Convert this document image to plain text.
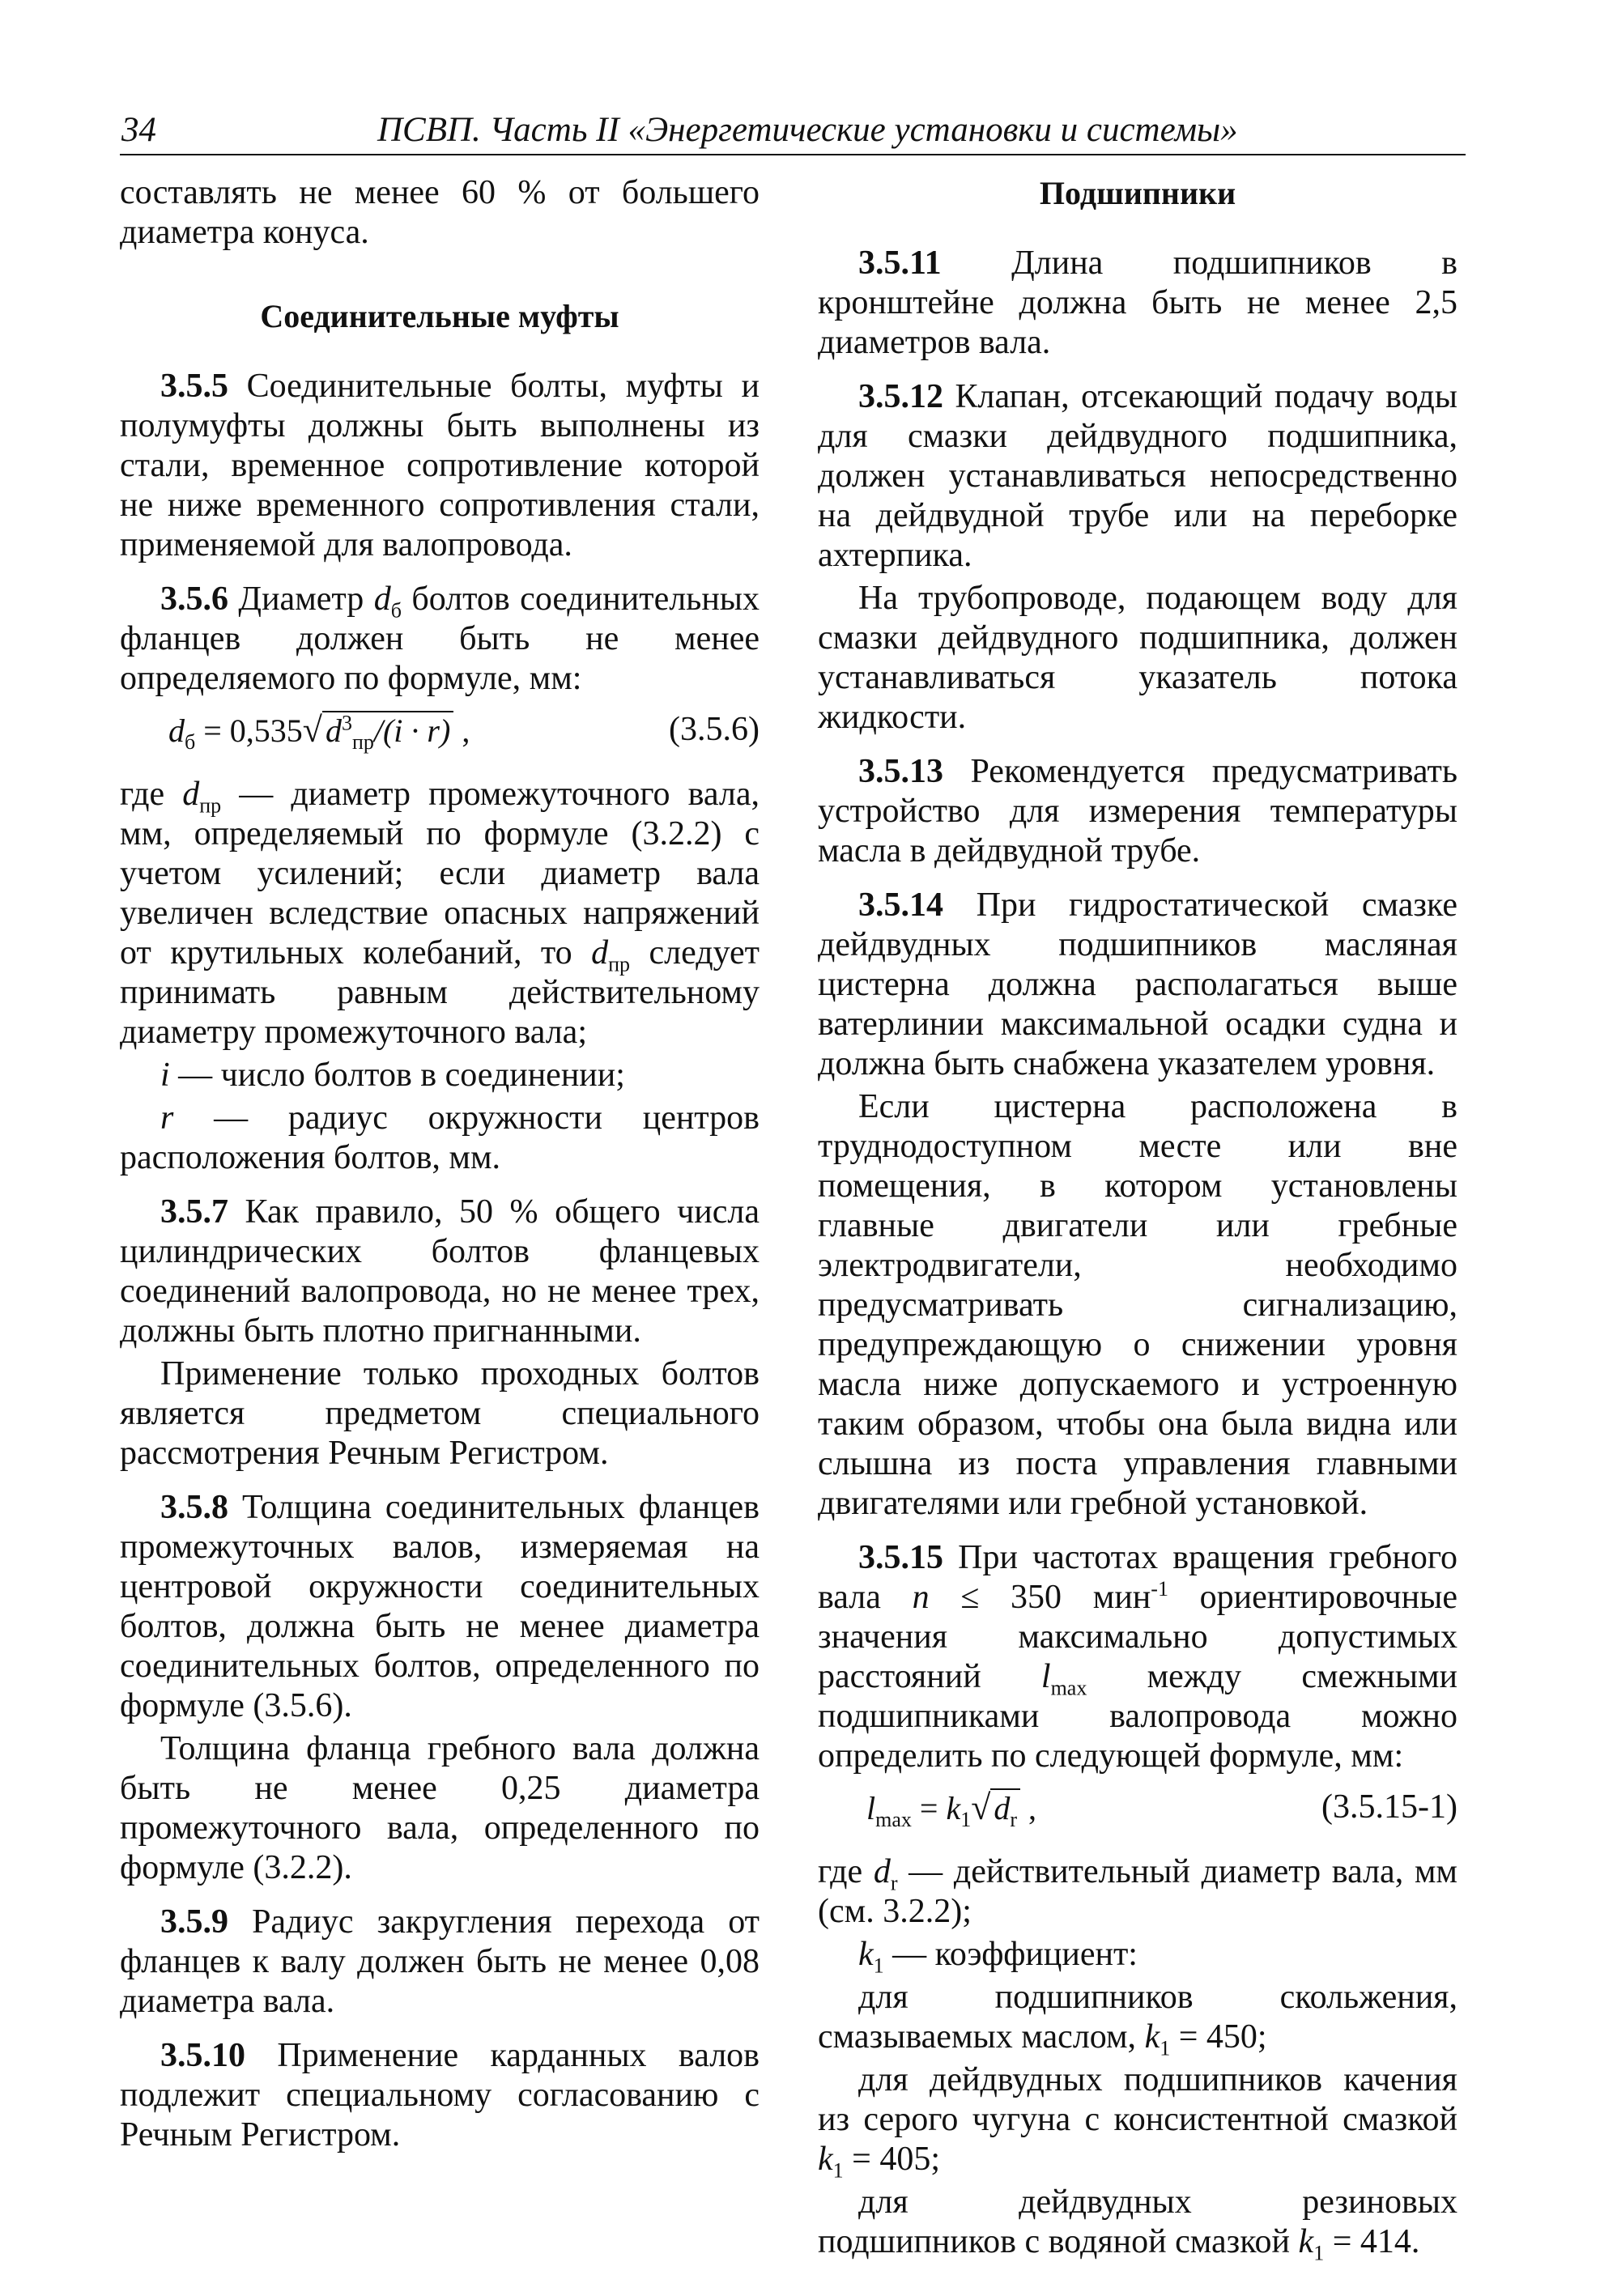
34	ПСВП. Часть II «Энергетические установки и системы»

составлять не менее 60 % от большего диаметра конуса.

Соединительные муфты

3.5.5 Соединительные болты, муфты и полумуфты должны быть выполнены из стали, временное сопротивление которой не ниже временного сопротивления стали, применяемой для валопровода.

3.5.6 Диаметр $d_б$ болтов соединительных фланцев должен быть не менее определяемого по формуле, мм:

$d_б = 0,535√$ $d^3_{пр}/(i \cdot r)$ ,	(3.5.6)

где $d_{пр}$ — диаметр промежуточного вала, мм, определяемый по формуле (3.2.2) с учетом усилений; если диаметр вала увеличен вследствие опасных напряжений от крутильных колебаний, то $d_{пр}$ следует принимать равным действительному диаметру промежуточного вала;

i — число болтов в соединении;

r — радиус окружности центров расположения болтов, мм.

3.5.7 Как правило, 50 % общего числа цилиндрических болтов фланцевых соединений валопровода, но не менее трех, должны быть плотно пригнанными.

Применение только проходных болтов является предметом специального рассмотрения Речным Регистром.

3.5.8 Толщина соединительных фланцев промежуточных валов, измеряемая на центровой окружности соединительных болтов, должна быть не менее диаметра соединительных болтов, определенного по формуле (3.5.6).

Толщина фланца гребного вала должна быть не менее 0,25 диаметра промежуточного вала, определенного по формуле (3.2.2).

3.5.9 Радиус закругления перехода от фланцев к валу должен быть не менее 0,08 диаметра вала.

3.5.10 Применение карданных валов подлежит специальному согласованию с Речным Регистром.

Подшипники

3.5.11 Длина подшипников в кронштейне должна быть не менее 2,5 диаметров вала.

3.5.12 Клапан, отсекающий подачу воды для смазки дейдвудного подшипника, должен устанавливаться непосредственно на дейдвудной трубе или на переборке ахтерпика.

На трубопроводе, подающем воду для смазки дейдвудного подшипника, должен устанавливаться указатель потока жидкости.

3.5.13 Рекомендуется предусматривать устройство для измерения температуры масла в дейдвудной трубе.

3.5.14 При гидростатической смазке дейдвудных подшипников масляная цистерна должна располагаться выше ватерлинии максимальной осадки судна и должна быть снабжена указателем уровня.

Если цистерна расположена в труднодоступном месте или вне помещения, в котором установлены главные двигатели или гребные электродвигатели, необходимо предусматривать сигнализацию, предупреждающую о снижении уровня масла ниже допускаемого и устроенную таким образом, чтобы она была видна или слышна из поста управления главными двигателями или гребной установкой.

3.5.15 При частотах вращения гребного вала n ≤ 350 мин$^{-1}$ ориентировочные значения максимально допустимых расстояний $l_{max}$ между смежными подшипниками валопровода можно определить по следующей формуле, мм:

$l_{max} = k_1√$ $d_r$ ,	(3.5.15-1)

где $d_r$ — действительный диаметр вала, мм (см. 3.2.2);

$k_1$ — коэффициент:

для подшипников скольжения, смазываемых маслом, $k_1 = 450$;

для дейдвудных подшипников качения из серого чугуна с консистентной смазкой $k_1 = 405$;

для дейдвудных резиновых подшипников с водяной смазкой $k_1 = 414$.
